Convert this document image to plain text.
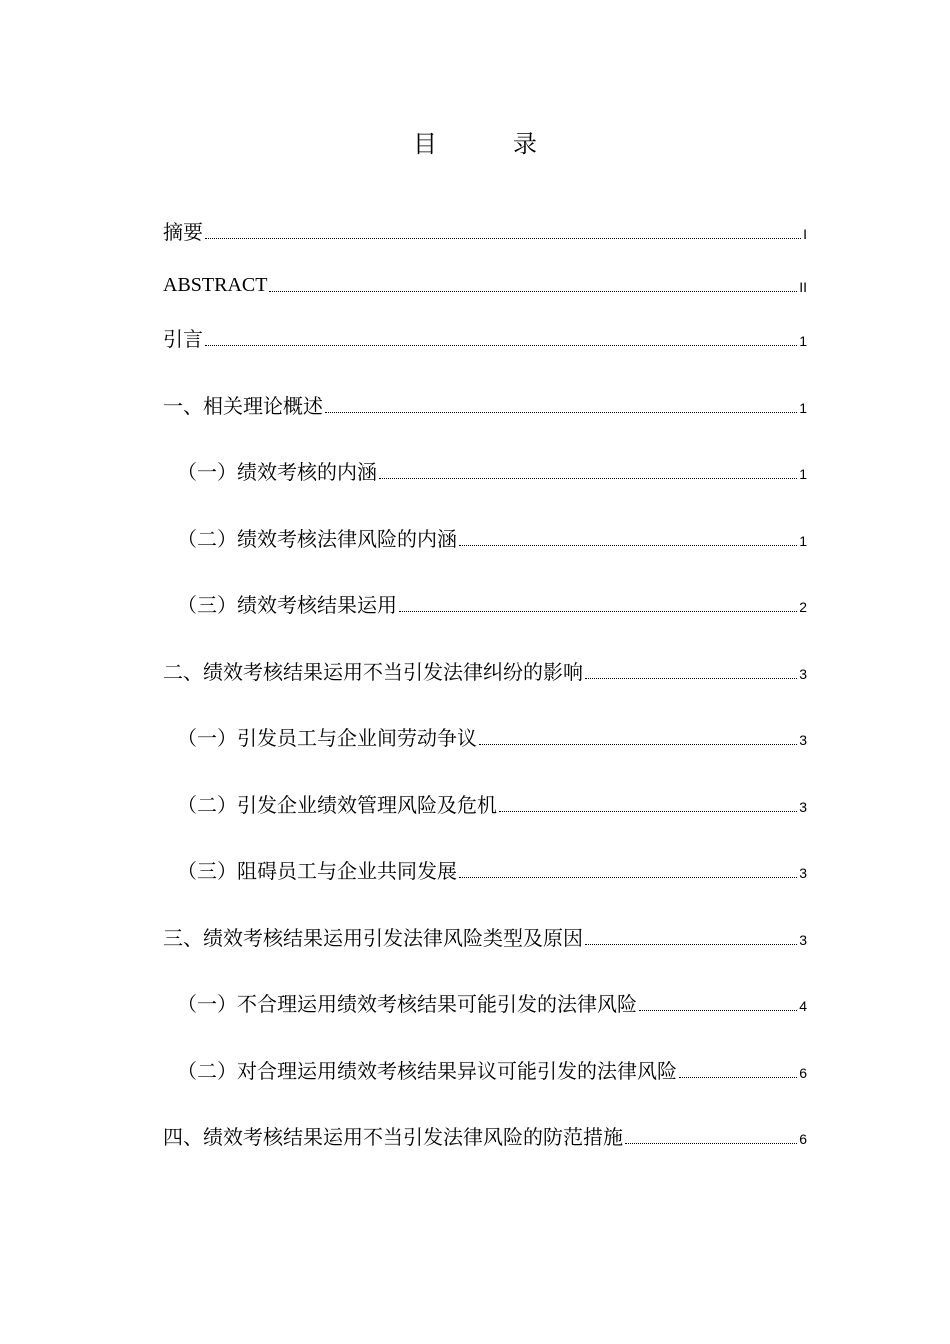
目　录
摘要	I
ABSTRACT	II
引言	1
一、相关理论概述	1
（一）绩效考核的内涵	1
（二）绩效考核法律风险的内涵	1
（三）绩效考核结果运用	2
二、绩效考核结果运用不当引发法律纠纷的影响	3
（一）引发员工与企业间劳动争议	3
（二）引发企业绩效管理风险及危机	3
（三）阻碍员工与企业共同发展	3
三、绩效考核结果运用引发法律风险类型及原因	3
（一）不合理运用绩效考核结果可能引发的法律风险	4
（二）对合理运用绩效考核结果异议可能引发的法律风险	6
四、绩效考核结果运用不当引发法律风险的防范措施	6
